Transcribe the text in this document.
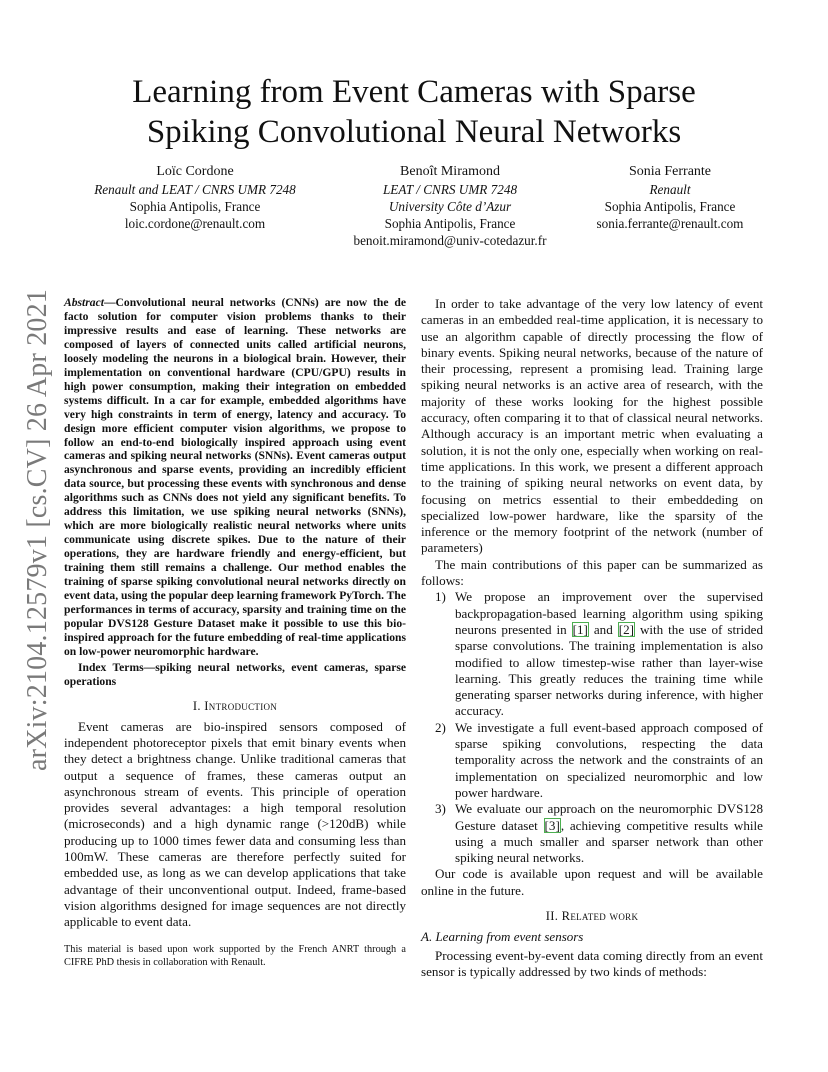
arXiv:2104.12579v1 [cs.CV] 26 Apr 2021
Learning from Event Cameras with Sparse
Spiking Convolutional Neural Networks
Loïc Cordone
Renault and LEAT / CNRS UMR 7248
Sophia Antipolis, France
loic.cordone@renault.com
Benoît Miramond
LEAT / CNRS UMR 7248
University Côte d’Azur
Sophia Antipolis, France
benoit.miramond@univ-cotedazur.fr
Sonia Ferrante
Renault
Sophia Antipolis, France
sonia.ferrante@renault.com
Abstract—Convolutional neural networks (CNNs) are now the de facto solution for computer vision problems thanks to their impressive results and ease of learning. These networks are composed of layers of connected units called artificial neurons, loosely modeling the neurons in a biological brain. However, their implementation on conventional hardware (CPU/GPU) results in high power consumption, making their integration on embedded systems difficult. In a car for example, embedded algorithms have very high constraints in term of energy, latency and accuracy. To design more efficient computer vision algorithms, we propose to follow an end-to-end biologically inspired approach using event cameras and spiking neural networks (SNNs). Event cameras output asynchronous and sparse events, providing an incredibly efficient data source, but processing these events with synchronous and dense algorithms such as CNNs does not yield any significant benefits. To address this limitation, we use spiking neural networks (SNNs), which are more biologically realistic neural networks where units communicate using discrete spikes. Due to the nature of their operations, they are hardware friendly and energy-efficient, but training them still remains a challenge. Our method enables the training of sparse spiking convolutional neural networks directly on event data, using the popular deep learning framework PyTorch. The performances in terms of accuracy, sparsity and training time on the popular DVS128 Gesture Dataset make it possible to use this bio-inspired approach for the future embedding of real-time applications on low-power neuromorphic hardware.
Index Terms—spiking neural networks, event cameras, sparse operations
I. Introduction

Event cameras are bio-inspired sensors composed of independent photoreceptor pixels that emit binary events when they detect a brightness change. Unlike traditional cameras that output a sequence of frames, these cameras output an asynchronous stream of events. This principle of operation provides several advantages: a high temporal resolution (microseconds) and a high dynamic range (>120dB) while producing up to 1000 times fewer data and consuming less than 100mW. These cameras are therefore perfectly suited for embedded use, as long as we can develop applications that take advantage of their unconventional output. Indeed, frame-based vision algorithms designed for image sequences are not directly applicable to event data.

This material is based upon work supported by the French ANRT through a CIFRE PhD thesis in collaboration with Renault.

In order to take advantage of the very low latency of event cameras in an embedded real-time application, it is necessary to use an algorithm capable of directly processing the flow of binary events. Spiking neural networks, because of the nature of their processing, represent a promising lead. Training large spiking neural networks is an active area of research, with the majority of these works looking for the highest possible accuracy, often comparing it to that of classical neural networks. Although accuracy is an important metric when evaluating a solution, it is not the only one, especially when working on real-time applications. In this work, we present a different approach to the training of spiking neural networks on event data, by focusing on metrics essential to their embeddeding on specialized low-power hardware, like the sparsity of the inference or the memory footprint of the network (number of parameters)

The main contributions of this paper can be summarized as follows:

1) We propose an improvement over the supervised backpropagation-based learning algorithm using spiking neurons presented in [1] and [2] with the use of strided sparse convolutions. The training implementation is also modified to allow timestep-wise rather than layer-wise learning. This greatly reduces the training time while generating sparser networks during inference, with higher accuracy.
2) We investigate a full event-based approach composed of sparse spiking convolutions, respecting the data temporality across the network and the constraints of an implementation on specialized neuromorphic and low power hardware.
3) We evaluate our approach on the neuromorphic DVS128 Gesture dataset [3], achieving competitive results while using a much smaller and sparser network than other spiking neural networks.

Our code is available upon request and will be available online in the future.

II. Related work
A. Learning from event sensors

Processing event-by-event data coming directly from an event sensor is typically addressed by two kinds of methods:
